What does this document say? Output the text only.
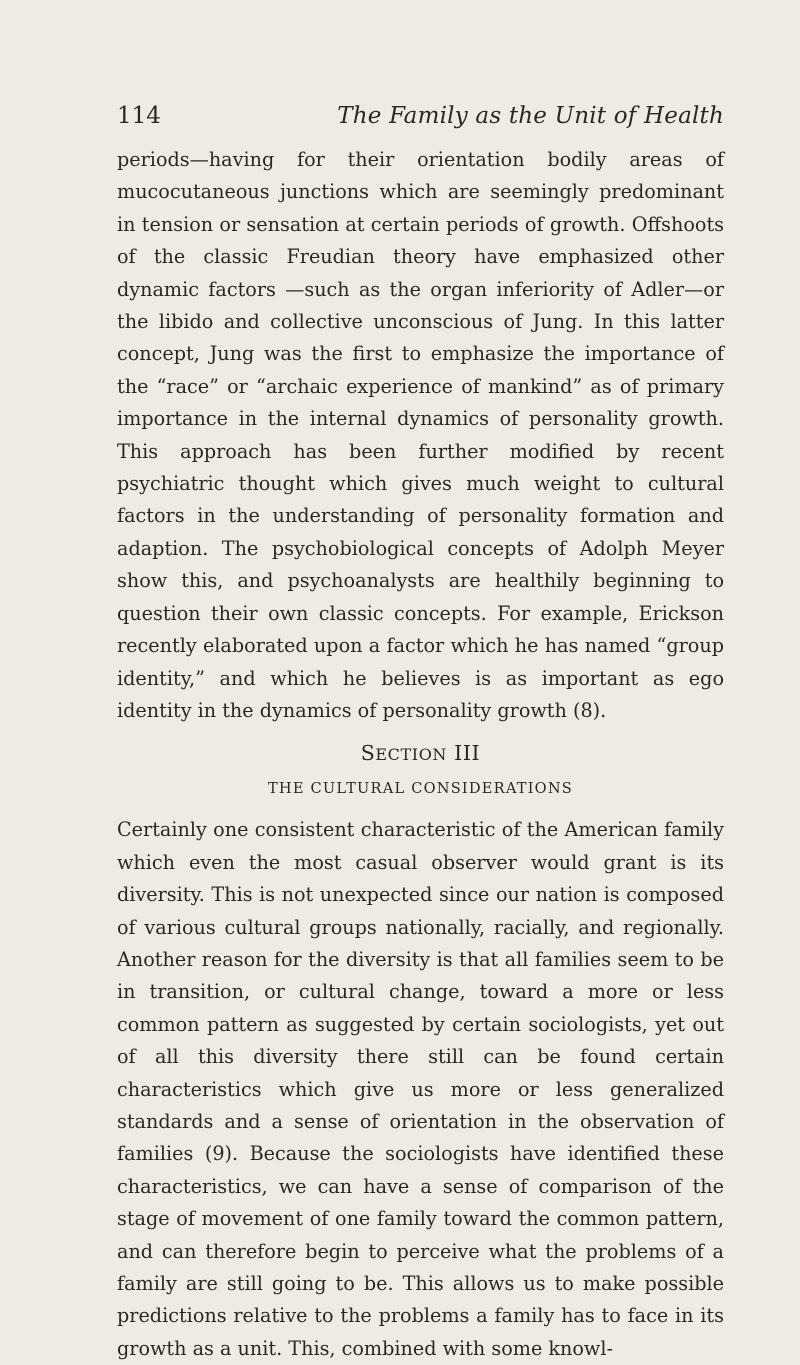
114	The Family as the Unit of Health

periods—having for their orientation bodily areas of mucocutaneous junctions which are seemingly predominant in tension or sensation at certain periods of growth. Offshoots of the classic Freudian theory have emphasized other dynamic factors —such as the organ inferiority of Adler—or the libido and collective unconscious of Jung. In this latter concept, Jung was the first to emphasize the importance of the “race” or “archaic experience of mankind” as of primary importance in the internal dynamics of personality growth. This approach has been further modified by recent psychiatric thought which gives much weight to cultural factors in the understanding of personality formation and adaption. The psychobiological concepts of Adolph Meyer show this, and psychoanalysts are healthily beginning to question their own classic concepts. For example, Erickson recently elaborated upon a factor which he has named “group identity,” and which he believes is as important as ego identity in the dynamics of personality growth (8).

SECTION III
THE CULTURAL CONSIDERATIONS

Certainly one consistent characteristic of the American family which even the most casual observer would grant is its diversity. This is not unexpected since our nation is composed of various cultural groups nationally, racially, and regionally. Another reason for the diversity is that all families seem to be in transition, or cultural change, toward a more or less common pattern as suggested by certain sociologists, yet out of all this diversity there still can be found certain characteristics which give us more or less generalized standards and a sense of orientation in the observation of families (9). Because the sociologists have identified these characteristics, we can have a sense of comparison of the stage of movement of one family toward the common pattern, and can therefore begin to perceive what the problems of a family are still going to be. This allows us to make possible predictions relative to the problems a family has to face in its growth as a unit. This, combined with some knowl-
